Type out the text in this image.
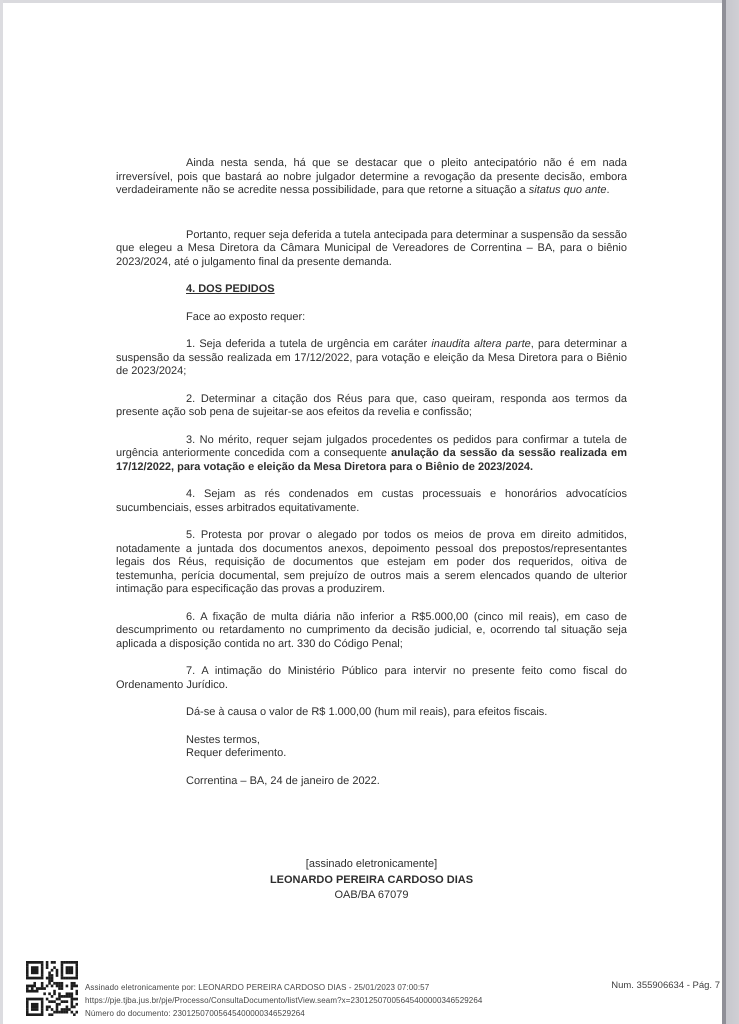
Ainda nesta senda, há que se destacar que o pleito antecipatório não é em nada irreversível, pois que bastará ao nobre julgador determine a revogação da presente decisão, embora verdadeiramente não se acredite nessa possibilidade, para que retorne a situação a sitatus quo ante.

Portanto, requer seja deferida a tutela antecipada para determinar a suspensão da sessão que elegeu a Mesa Diretora da Câmara Municipal de Vereadores de Correntina – BA, para o biênio 2023/2024, até o julgamento final da presente demanda.

4. DOS PEDIDOS

Face ao exposto requer:

1. Seja deferida a tutela de urgência em caráter inaudita altera parte, para determinar a suspensão da sessão realizada em 17/12/2022, para votação e eleição da Mesa Diretora para o Biênio de 2023/2024;

2. Determinar a citação dos Réus para que, caso queiram, responda aos termos da presente ação sob pena de sujeitar-se aos efeitos da revelia e confissão;

3. No mérito, requer sejam julgados procedentes os pedidos para confirmar a tutela de urgência anteriormente concedida com a consequente anulação da sessão da sessão realizada em 17/12/2022, para votação e eleição da Mesa Diretora para o Biênio de 2023/2024.

4. Sejam as rés condenados em custas processuais e honorários advocatícios sucumbenciais, esses arbitrados equitativamente.

5. Protesta por provar o alegado por todos os meios de prova em direito admitidos, notadamente a juntada dos documentos anexos, depoimento pessoal dos prepostos/representantes legais dos Réus, requisição de documentos que estejam em poder dos requeridos, oitiva de testemunha, perícia documental, sem prejuízo de outros mais a serem elencados quando de ulterior intimação para especificação das provas a produzirem.

6. A fixação de multa diária não inferior a R$5.000,00 (cinco mil reais), em caso de descumprimento ou retardamento no cumprimento da decisão judicial, e, ocorrendo tal situação seja aplicada a disposição contida no art. 330 do Código Penal;

7. A intimação do Ministério Público para intervir no presente feito como fiscal do Ordenamento Jurídico.

Dá-se à causa o valor de R$ 1.000,00 (hum mil reais), para efeitos fiscais.

Nestes termos,
Requer deferimento.

Correntina – BA, 24 de janeiro de 2022.

[assinado eletronicamente]
LEONARDO PEREIRA CARDOSO DIAS
OAB/BA 67079
Assinado eletronicamente por: LEONARDO PEREIRA CARDOSO DIAS - 25/01/2023 07:00:57
https://pje.tjba.jus.br/pje/Processo/ConsultaDocumento/listView.seam?x=23012507005645400000346529264
Número do documento: 23012507005645400000346529264
Num. 355906634 - Pág. 7
